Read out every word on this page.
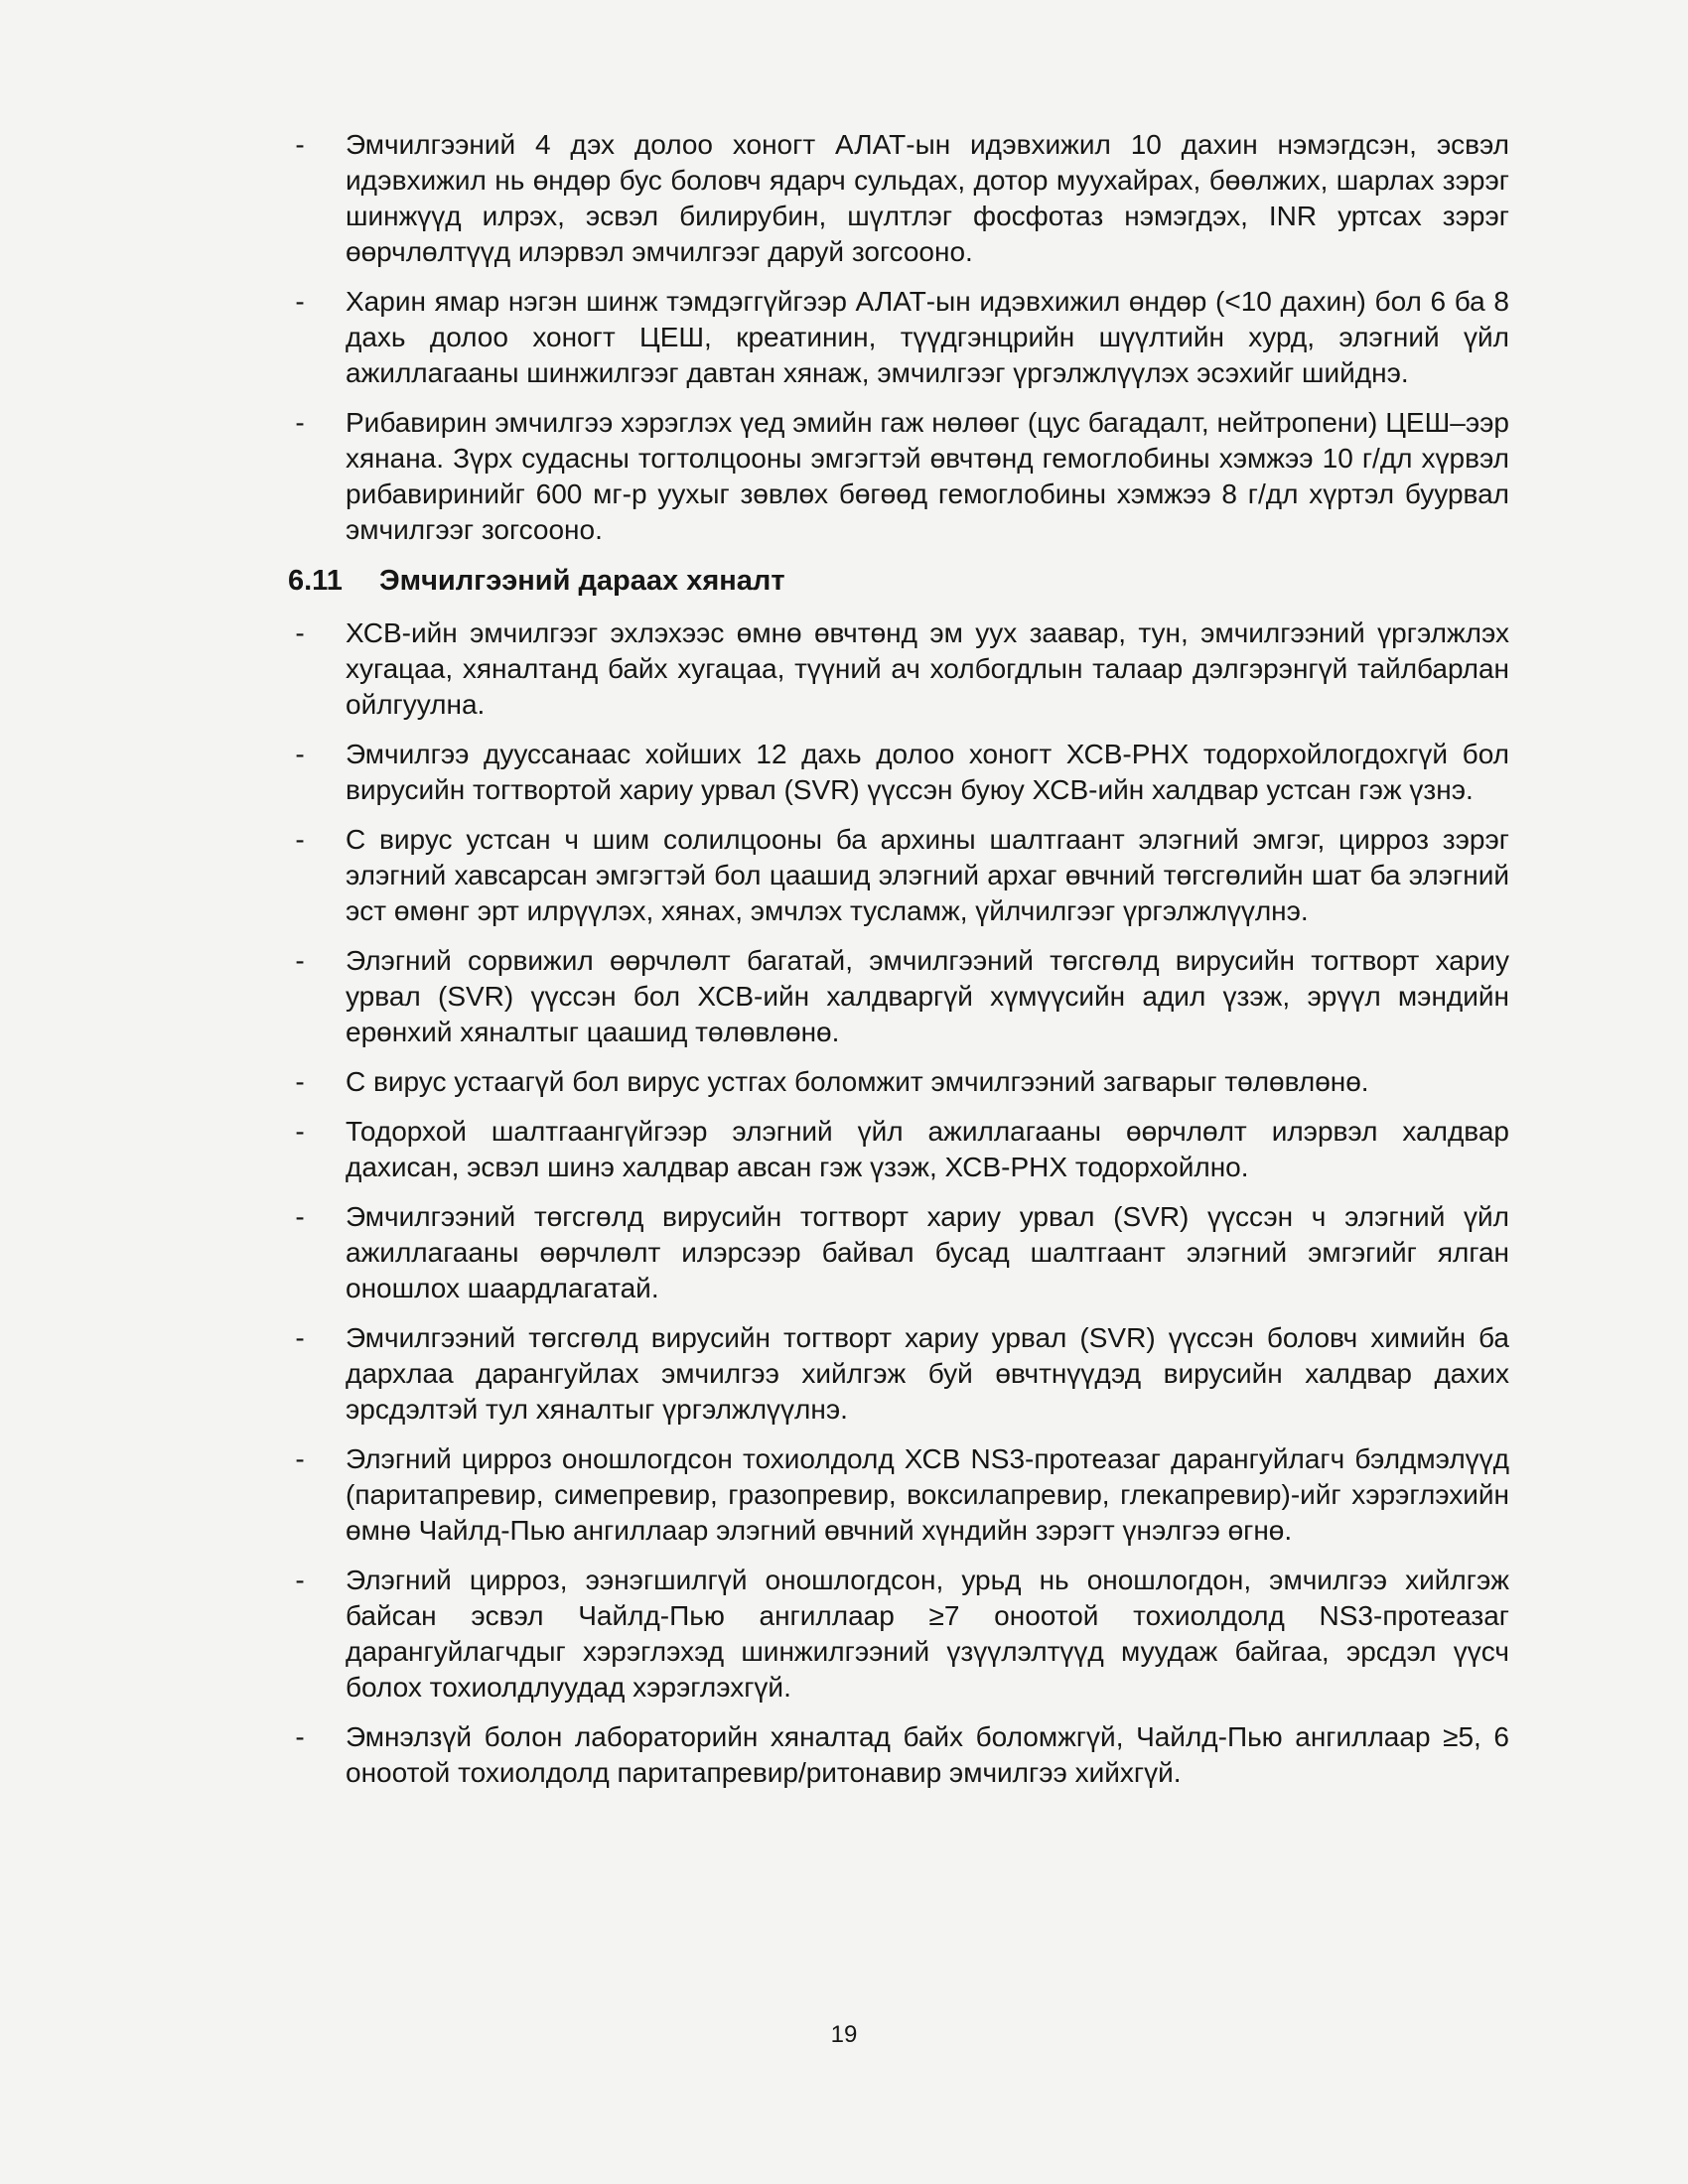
- Эмчилгээний 4 дэх долоо хоногт АЛАТ-ын идэвхижил 10 дахин нэмэгдсэн, эсвэл идэвхижил нь өндөр бус боловч ядарч сульдах, дотор муухайрах, бөөлжих, шарлах зэрэг шинжүүд илрэх, эсвэл билирубин, шүлтлэг фосфотаз нэмэгдэх, INR уртсах зэрэг өөрчлөлтүүд илэрвэл эмчилгээг даруй зогсооно.
- Харин ямар нэгэн шинж тэмдэггүйгээр АЛАТ-ын идэвхижил өндөр (<10 дахин) бол 6 ба 8 дахь долоо хоногт ЦЕШ, креатинин, түүдгэнцрийн шүүлтийн хурд, элэгний үйл ажиллагааны шинжилгээг давтан хянаж, эмчилгээг үргэлжлүүлэх эсэхийг шийднэ.
- Рибавирин эмчилгээ хэрэглэх үед эмийн гаж нөлөөг (цус багадалт, нейтропени) ЦЕШ–ээр хянана. Зүрх судасны тогтолцооны эмгэгтэй өвчтөнд гемоглобины хэмжээ 10 г/дл хүрвэл рибавиринийг 600 мг-р уухыг зөвлөх бөгөөд гемоглобины хэмжээ 8 г/дл хүртэл буурвал эмчилгээг зогсооно.
6.11 Эмчилгээний дараах хяналт
- ХСВ-ийн эмчилгээг эхлэхээс өмнө өвчтөнд эм уух заавар, тун, эмчилгээний үргэлжлэх хугацаа, хяналтанд байх хугацаа, түүний ач холбогдлын талаар дэлгэрэнгүй тайлбарлан ойлгуулна.
- Эмчилгээ дууссанаас хойших 12 дахь долоо хоногт ХСВ-РНХ тодорхойлогдохгүй бол вирусийн тогтвортой хариу урвал (SVR) үүссэн буюу ХСВ-ийн халдвар устсан гэж үзнэ.
- С вирус устсан ч шим солилцооны ба архины шалтгаант элэгний эмгэг, цирроз зэрэг элэгний хавсарсан эмгэгтэй бол цаашид элэгний архаг өвчний төгсгөлийн шат ба элэгний эст өмөнг эрт илрүүлэх, хянах, эмчлэх тусламж, үйлчилгээг үргэлжлүүлнэ.
- Элэгний сорвижил өөрчлөлт багатай, эмчилгээний төгсгөлд вирусийн тогтворт хариу урвал (SVR) үүссэн бол ХСВ-ийн халдваргүй хүмүүсийн адил үзэж, эрүүл мэндийн ерөнхий хяналтыг цаашид төлөвлөнө.
- С вирус устаагүй бол вирус устгах боломжит эмчилгээний загварыг төлөвлөнө.
- Тодорхой шалтгаангүйгээр элэгний үйл ажиллагааны өөрчлөлт илэрвэл халдвар дахисан, эсвэл шинэ халдвар авсан гэж үзэж, ХСВ-РНХ тодорхойлно.
- Эмчилгээний төгсгөлд вирусийн тогтворт хариу урвал (SVR) үүссэн ч элэгний үйл ажиллагааны өөрчлөлт илэрсээр байвал бусад шалтгаант элэгний эмгэгийг ялган оношлох шаардлагатай.
- Эмчилгээний төгсгөлд вирусийн тогтворт хариу урвал (SVR) үүссэн боловч химийн ба дархлаа дарангуйлах эмчилгээ хийлгэж буй өвчтнүүдэд вирусийн халдвар дахих эрсдэлтэй тул хяналтыг үргэлжлүүлнэ.
- Элэгний цирроз оношлогдсон тохиолдолд ХСВ NS3-протеазаг дарангуйлагч бэлдмэлүүд (паритапревир, симепревир, гразопревир, воксилапревир, глекапревир)-ийг хэрэглэхийн өмнө Чайлд-Пью ангиллаар элэгний өвчний хүндийн зэрэгт үнэлгээ өгнө.
- Элэгний цирроз, ээнэгшилгүй оношлогдсон, урьд нь оношлогдон, эмчилгээ хийлгэж байсан эсвэл Чайлд-Пью ангиллаар ≥7 оноотой тохиолдолд NS3-протеазаг дарангуйлагчдыг хэрэглэхэд шинжилгээний үзүүлэлтүүд муудаж байгаа, эрсдэл үүсч болох тохиолдлуудад хэрэглэхгүй.
- Эмнэлзүй болон лабораторийн хяналтад байх боломжгүй, Чайлд-Пью ангиллаар ≥5, 6 оноотой тохиолдолд паритапревир/ритонавир эмчилгээ хийхгүй.
19
